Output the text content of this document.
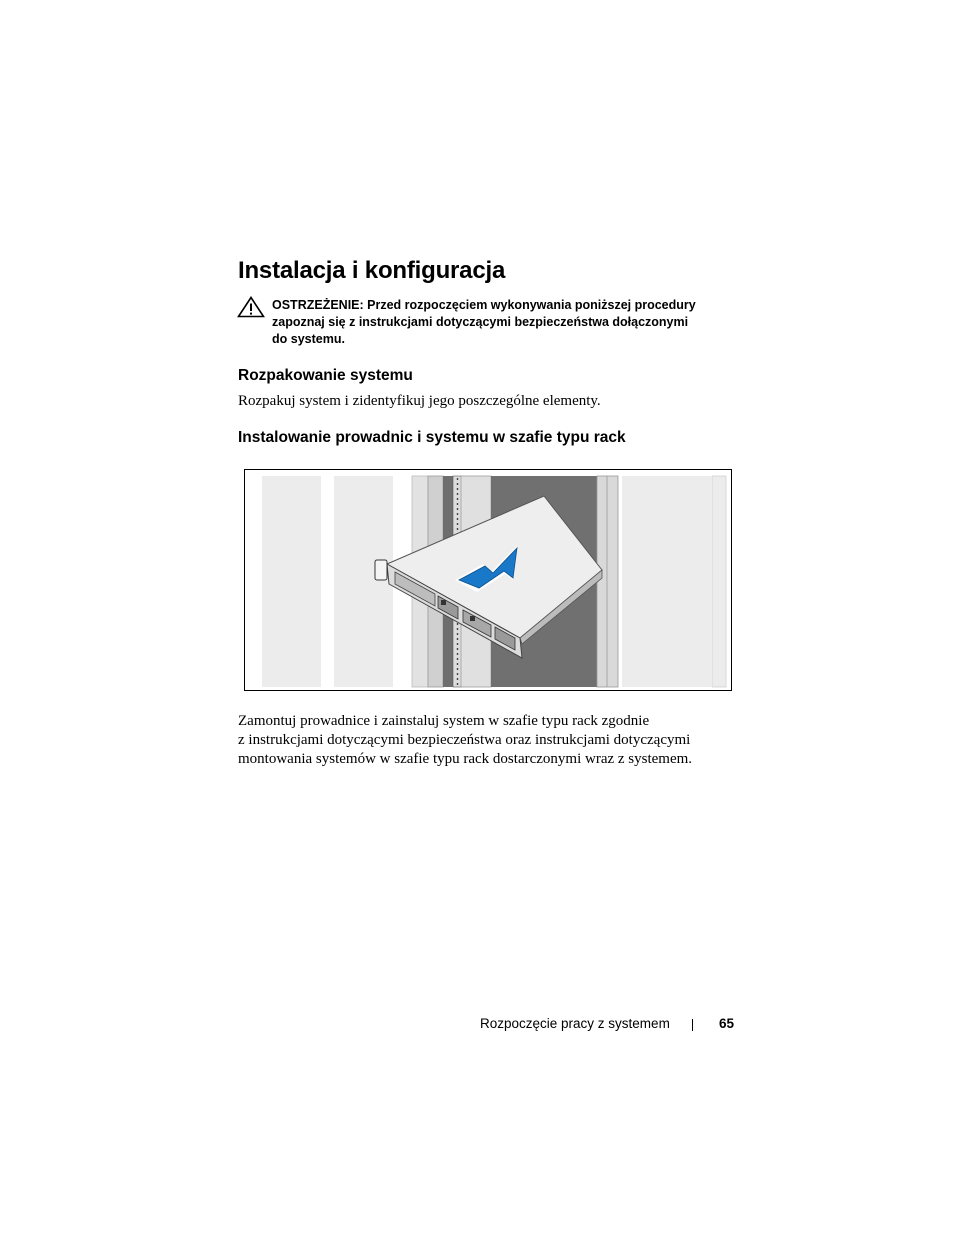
Instalacja i konfiguracja
OSTRZEŻENIE: Przed rozpoczęciem wykonywania poniższej procedury
zapoznaj się z instrukcjami dotyczącymi bezpieczeństwa dołączonymi
do systemu.
Rozpakowanie systemu

Rozpakuj system i zidentyfikuj jego poszczególne elementy.

Instalowanie prowadnic i systemu w szafie typu rack
Zamontuj prowadnice i zainstaluj system w szafie typu rack zgodnie
z instrukcjami dotyczącymi bezpieczeństwa oraz instrukcjami dotyczącymi
montowania systemów w szafie typu rack dostarczonymi wraz z systemem.
Rozpoczęcie pracy z systemem	65
